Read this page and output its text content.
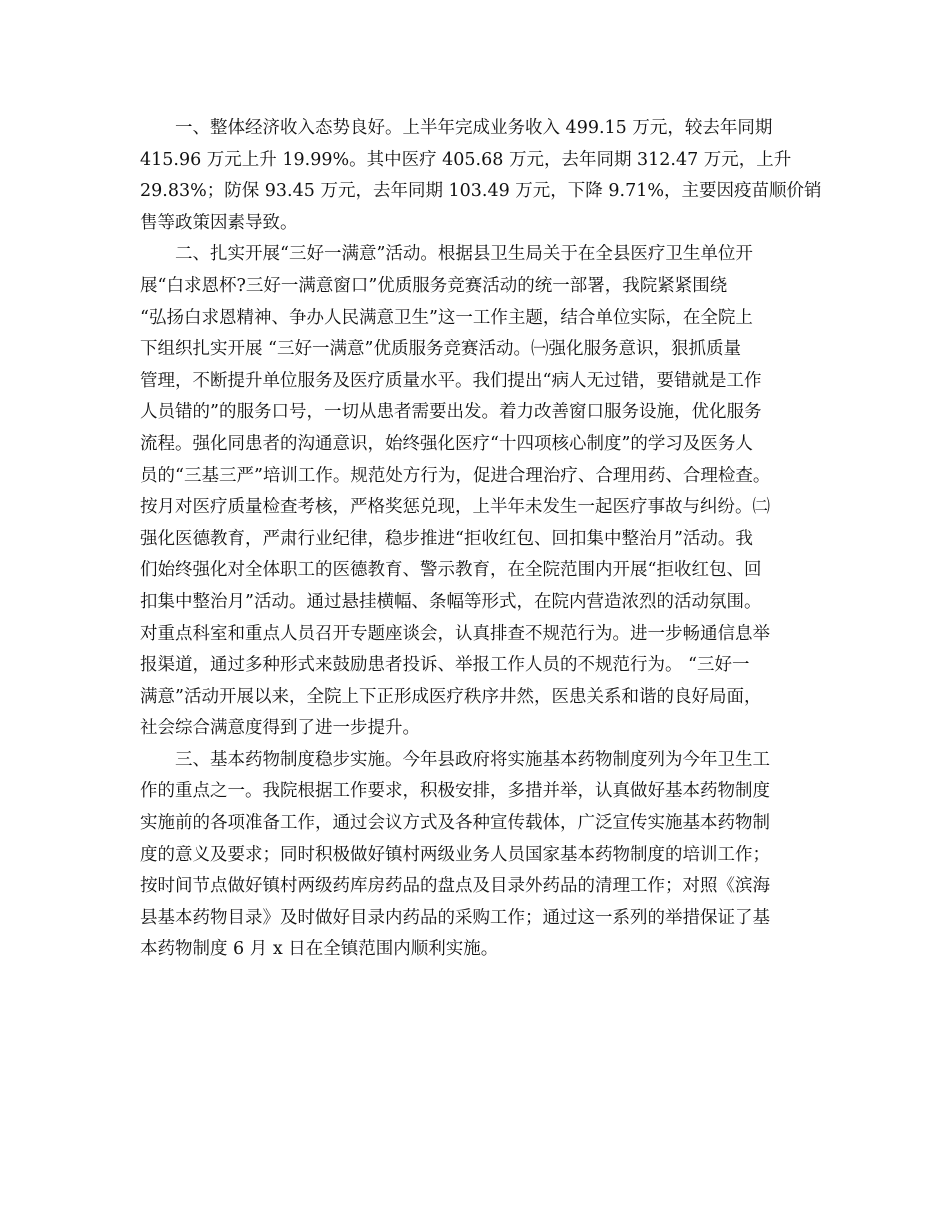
一、整体经济收入态势良好。上半年完成业务收入 499.15 万元，较去年同期
415.96 万元上升 19.99%。其中医疗 405.68 万元，去年同期 312.47 万元，上升
29.83%；防保 93.45 万元，去年同期 103.49 万元，下降 9.71%，主要因疫苗顺价销
售等政策因素导致。
二、扎实开展“三好一满意”活动。根据县卫生局关于在全县医疗卫生单位开
展“白求恩杯?三好一满意窗口”优质服务竞赛活动的统一部署，我院紧紧围绕
“弘扬白求恩精神、争办人民满意卫生”这一工作主题，结合单位实际，在全院上
下组织扎实开展 “三好一满意”优质服务竞赛活动。㈠强化服务意识，狠抓质量
管理，不断提升单位服务及医疗质量水平。我们提出“病人无过错，要错就是工作
人员错的”的服务口号，一切从患者需要出发。着力改善窗口服务设施，优化服务
流程。强化同患者的沟通意识，始终强化医疗“十四项核心制度”的学习及医务人
员的“三基三严”培训工作。规范处方行为，促进合理治疗、合理用药、合理检查。
按月对医疗质量检查考核，严格奖惩兑现，上半年未发生一起医疗事故与纠纷。㈡
强化医德教育，严肃行业纪律，稳步推进“拒收红包、回扣集中整治月”活动。我
们始终强化对全体职工的医德教育、警示教育，在全院范围内开展“拒收红包、回
扣集中整治月”活动。通过悬挂横幅、条幅等形式，在院内营造浓烈的活动氛围。
对重点科室和重点人员召开专题座谈会，认真排查不规范行为。进一步畅通信息举
报渠道，通过多种形式来鼓励患者投诉、举报工作人员的不规范行为。 “三好一
满意”活动开展以来，全院上下正形成医疗秩序井然，医患关系和谐的良好局面，
社会综合满意度得到了进一步提升。
三、基本药物制度稳步实施。今年县政府将实施基本药物制度列为今年卫生工
作的重点之一。我院根据工作要求，积极安排，多措并举，认真做好基本药物制度
实施前的各项准备工作，通过会议方式及各种宣传载体，广泛宣传实施基本药物制
度的意义及要求；同时积极做好镇村两级业务人员国家基本药物制度的培训工作；
按时间节点做好镇村两级药库房药品的盘点及目录外药品的清理工作；对照《滨海
县基本药物目录》及时做好目录内药品的采购工作；通过这一系列的举措保证了基
本药物制度 6 月 x 日在全镇范围内顺利实施。
